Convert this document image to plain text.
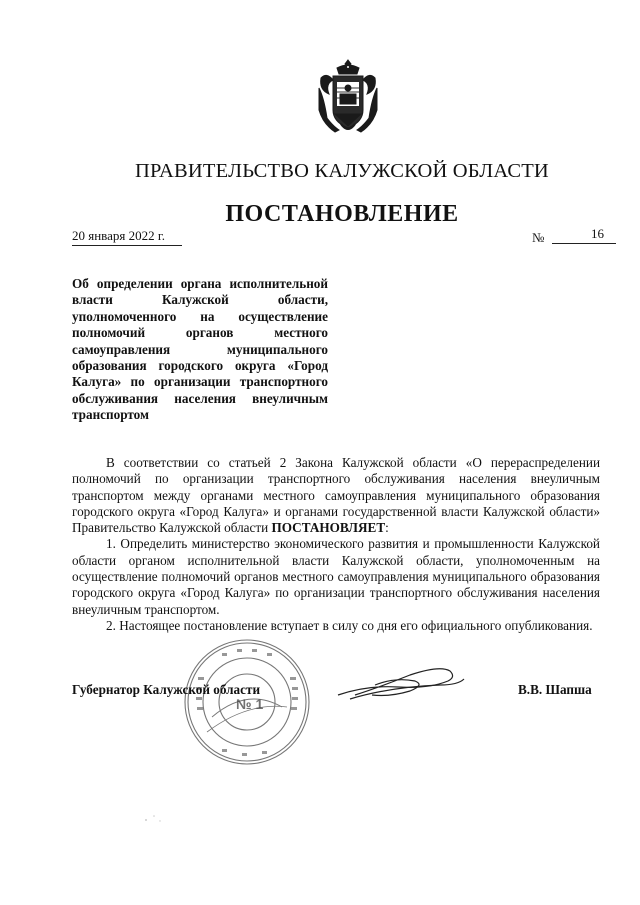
ПРАВИТЕЛЬСТВО КАЛУЖСКОЙ ОБЛАСТИ
ПОСТАНОВЛЕНИЕ
20 января 2022 г.	№	16
Об определении органа исполнительной власти Калужской области, уполномоченного на осуществление полномочий органов местного самоуправления муниципального образования городского округа «Город Калуга» по организации транспортного обслуживания населения внеуличным транспортом

В соответствии со статьей 2 Закона Калужской области «О перераспределении полномочий по организации транспортного обслуживания населения внеуличным транспортом между органами местного самоуправления муниципального образования городского округа «Город Калуга» и органами государственной власти Калужской области» Правительство Калужской области ПОСТАНОВЛЯЕТ:

1. Определить министерство экономического развития и промышленности Калужской области органом исполнительной власти Калужской области, уполномоченным на осуществление полномочий органов местного самоуправления муниципального образования городского округа «Город Калуга» по организации транспортного обслуживания населения внеуличным транспортом.

2. Настоящее постановление вступает в силу со дня его официального опубликования.

№ 1
Губернатор Калужской области	В.В. Шапша
